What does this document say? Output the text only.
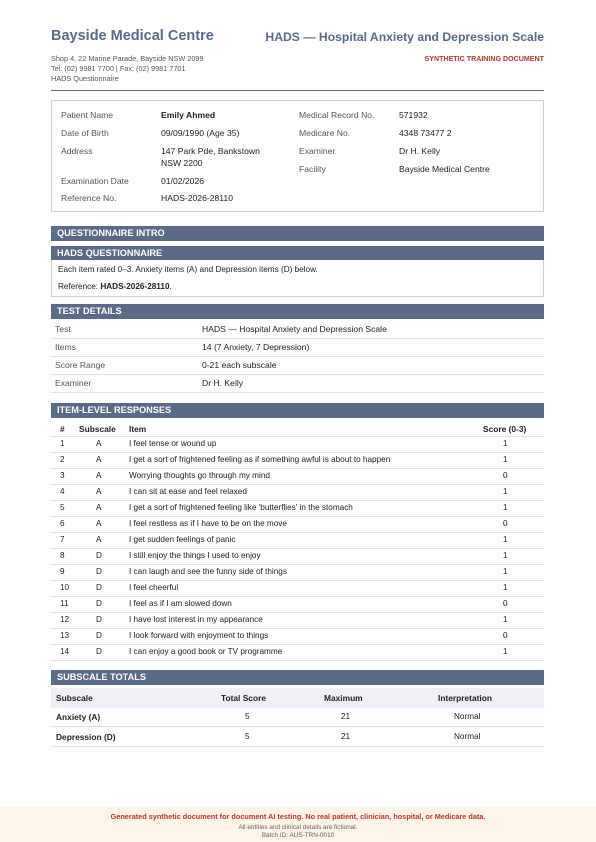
Bayside Medical Centre	HADS — Hospital Anxiety and Depression Scale
Shop 4, 22 Marine Parade, Bayside NSW 2099
Tel: (02) 9981 7700 | Fax: (02) 9981 7701
HADS Questionnaire
SYNTHETIC TRAINING DOCUMENT
Patient Name	Emily Ahmed
Date of Birth	09/09/1990 (Age 35)
Address	147 Park Pde, Bankstown
NSW 2200
Examination Date	01/02/2026
Reference No.	HADS-2026-28110
Medical Record No.	571932
Medicare No.	4348 73477 2
Examiner	Dr H. Kelly
Facility	Bayside Medical Centre
QUESTIONNAIRE INTRO
HADS QUESTIONNAIRE
Each item rated 0–3. Anxiety items (A) and Depression items (D) below.
Reference: HADS-2026-28110.
TEST DETAILS
Test	HADS — Hospital Anxiety and Depression Scale
Items	14 (7 Anxiety, 7 Depression)
Score Range	0-21 each subscale
Examiner	Dr H. Kelly
ITEM-LEVEL RESPONSES
# Subscale Item	Score (0-3)
1	A	I feel tense or wound up	1
2	A	I get a sort of frightened feeling as if something awful is about to happen	1
3	A	Worrying thoughts go through my mind	0
4	A	I can sit at ease and feel relaxed	1
5	A	I get a sort of frightened feeling like 'butterflies' in the stomach	1
6	A	I feel restless as if I have to be on the move	0
7	A	I get sudden feelings of panic	1
8	D	I still enjoy the things I used to enjoy	1
9	D	I can laugh and see the funny side of things	1
10	D	I feel cheerful	1
11	D	I feel as if I am slowed down	0
12	D	I have lost interest in my appearance	1
13	D	I look forward with enjoyment to things	0
14	D	I can enjoy a good book or TV programme	1
SUBSCALE TOTALS
Subscale	Total Score	Maximum	Interpretation
Anxiety (A)	5	21	Normal
Depression (D)	5	21	Normal
Generated synthetic document for document AI testing. No real patient, clinician, hospital, or Medicare data.
All entities and clinical details are fictional.
Batch ID: AUS-TRN-0010
